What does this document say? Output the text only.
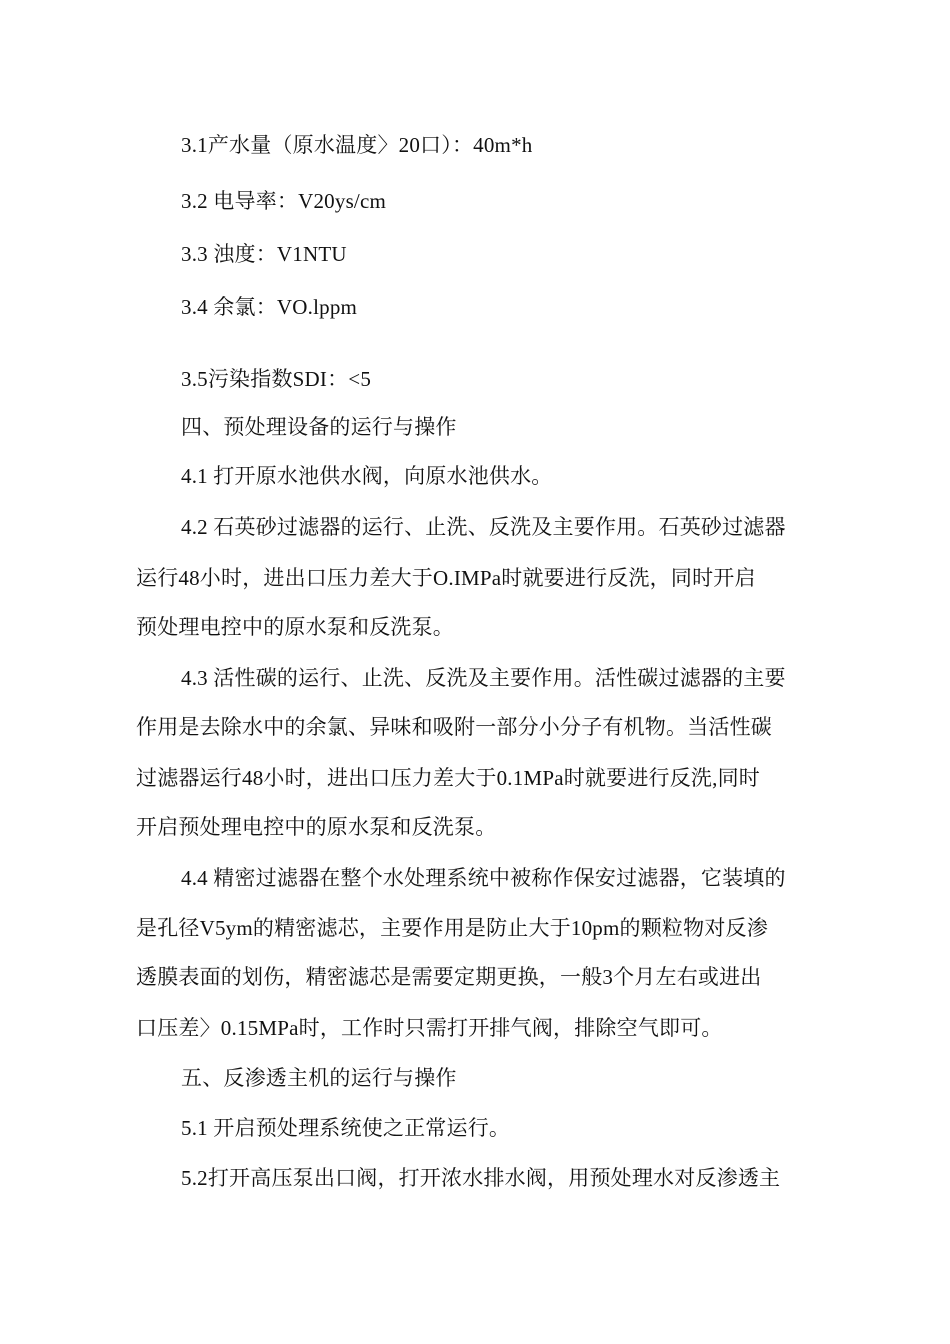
3.1产水量（原水温度〉20口）：40m*h
3.2 电导率：V20ys/cm
3.3 浊度：V1NTU
3.4 余氯：VO.lppm
3.5污染指数SDI：<5
四、预处理设备的运行与操作
4.1 打开原水池供水阀，向原水池供水。
4.2 石英砂过滤器的运行、止洗、反洗及主要作用。石英砂过滤器
运行48小时，进出口压力差大于O.IMPa时就要进行反洗，同时开启
预处理电控中的原水泵和反洗泵。
4.3 活性碳的运行、止洗、反洗及主要作用。活性碳过滤器的主要
作用是去除水中的余氯、异味和吸附一部分小分子有机物。当活性碳
过滤器运行48小时，进出口压力差大于0.1MPa时就要进行反洗,同时
开启预处理电控中的原水泵和反洗泵。
4.4 精密过滤器在整个水处理系统中被称作保安过滤器，它装填的
是孔径V5ym的精密滤芯，主要作用是防止大于10pm的颗粒物对反渗
透膜表面的划伤，精密滤芯是需要定期更换，一般3个月左右或进出
口压差〉0.15MPa时，工作时只需打开排气阀，排除空气即可。
五、反渗透主机的运行与操作
5.1 开启预处理系统使之正常运行。
5.2打开高压泵出口阀，打开浓水排水阀，用预处理水对反渗透主
